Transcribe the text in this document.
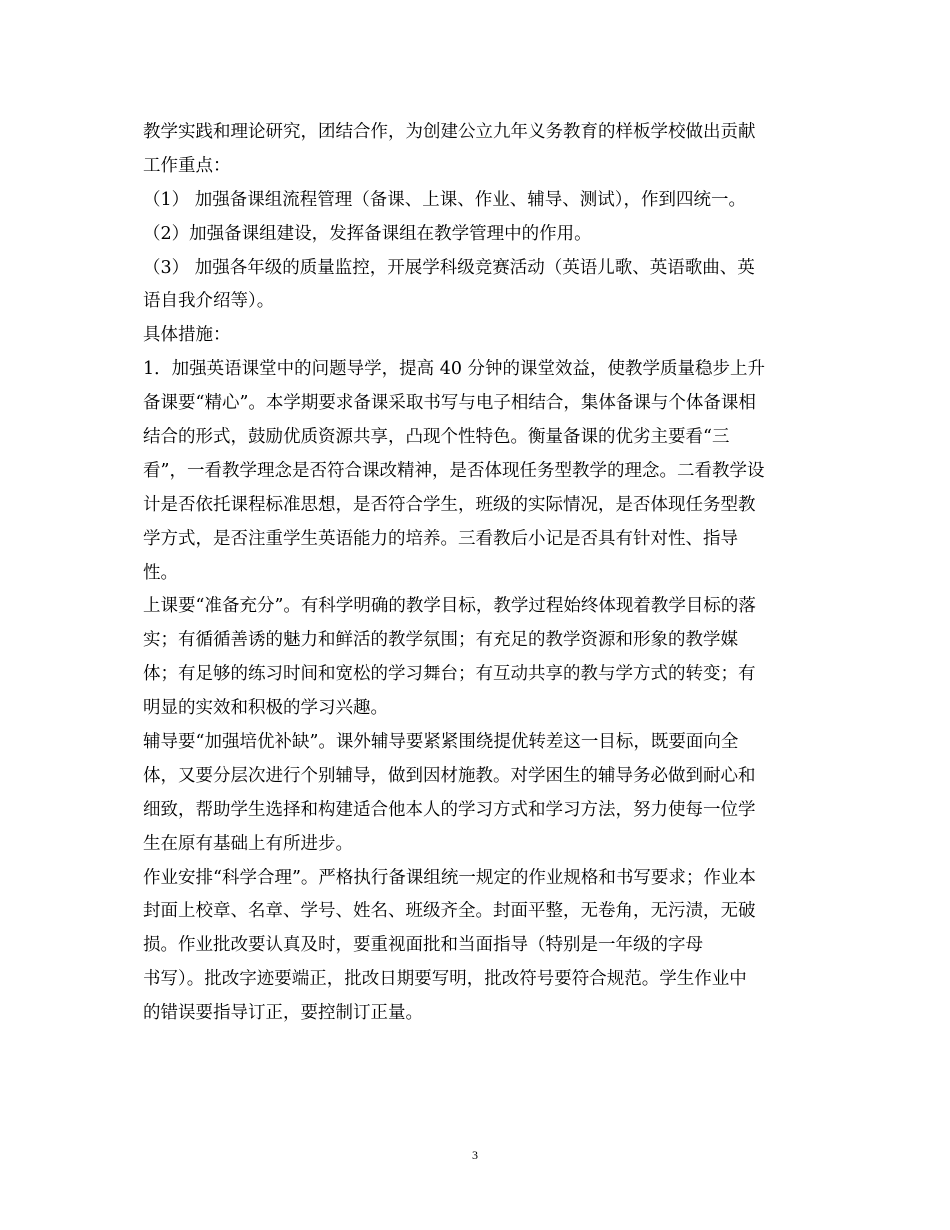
教学实践和理论研究，团结合作，为创建公立九年义务教育的样板学校做出贡献
工作重点：
（1） 加强备课组流程管理（备课、上课、作业、辅导、测试），作到四统一。
（2）加强备课组建设，发挥备课组在教学管理中的作用。
（3） 加强各年级的质量监控，开展学科级竞赛活动（英语儿歌、英语歌曲、英
语自我介绍等）。
具体措施：
1．加强英语课堂中的问题导学，提高 40 分钟的课堂效益，使教学质量稳步上升
备课要“精心”。本学期要求备课采取书写与电子相结合，集体备课与个体备课相
结合的形式，鼓励优质资源共享，凸现个性特色。衡量备课的优劣主要看“三
看”，一看教学理念是否符合课改精神，是否体现任务型教学的理念。二看教学设
计是否依托课程标准思想，是否符合学生，班级的实际情况，是否体现任务型教
学方式，是否注重学生英语能力的培养。三看教后小记是否具有针对性、指导
性。
上课要“准备充分”。有科学明确的教学目标，教学过程始终体现着教学目标的落
实；有循循善诱的魅力和鲜活的教学氛围；有充足的教学资源和形象的教学媒
体；有足够的练习时间和宽松的学习舞台；有互动共享的教与学方式的转变；有
明显的实效和积极的学习兴趣。
辅导要“加强培优补缺”。课外辅导要紧紧围绕提优转差这一目标，既要面向全
体，又要分层次进行个别辅导，做到因材施教。对学困生的辅导务必做到耐心和
细致，帮助学生选择和构建适合他本人的学习方式和学习方法，努力使每一位学
生在原有基础上有所进步。
作业安排“科学合理”。严格执行备课组统一规定的作业规格和书写要求；作业本
封面上校章、名章、学号、姓名、班级齐全。封面平整，无卷角，无污渍，无破
损。作业批改要认真及时，要重视面批和当面指导（特别是一年级的字母
书写）。批改字迹要端正，批改日期要写明，批改符号要符合规范。学生作业中
的错误要指导订正，要控制订正量。
3
